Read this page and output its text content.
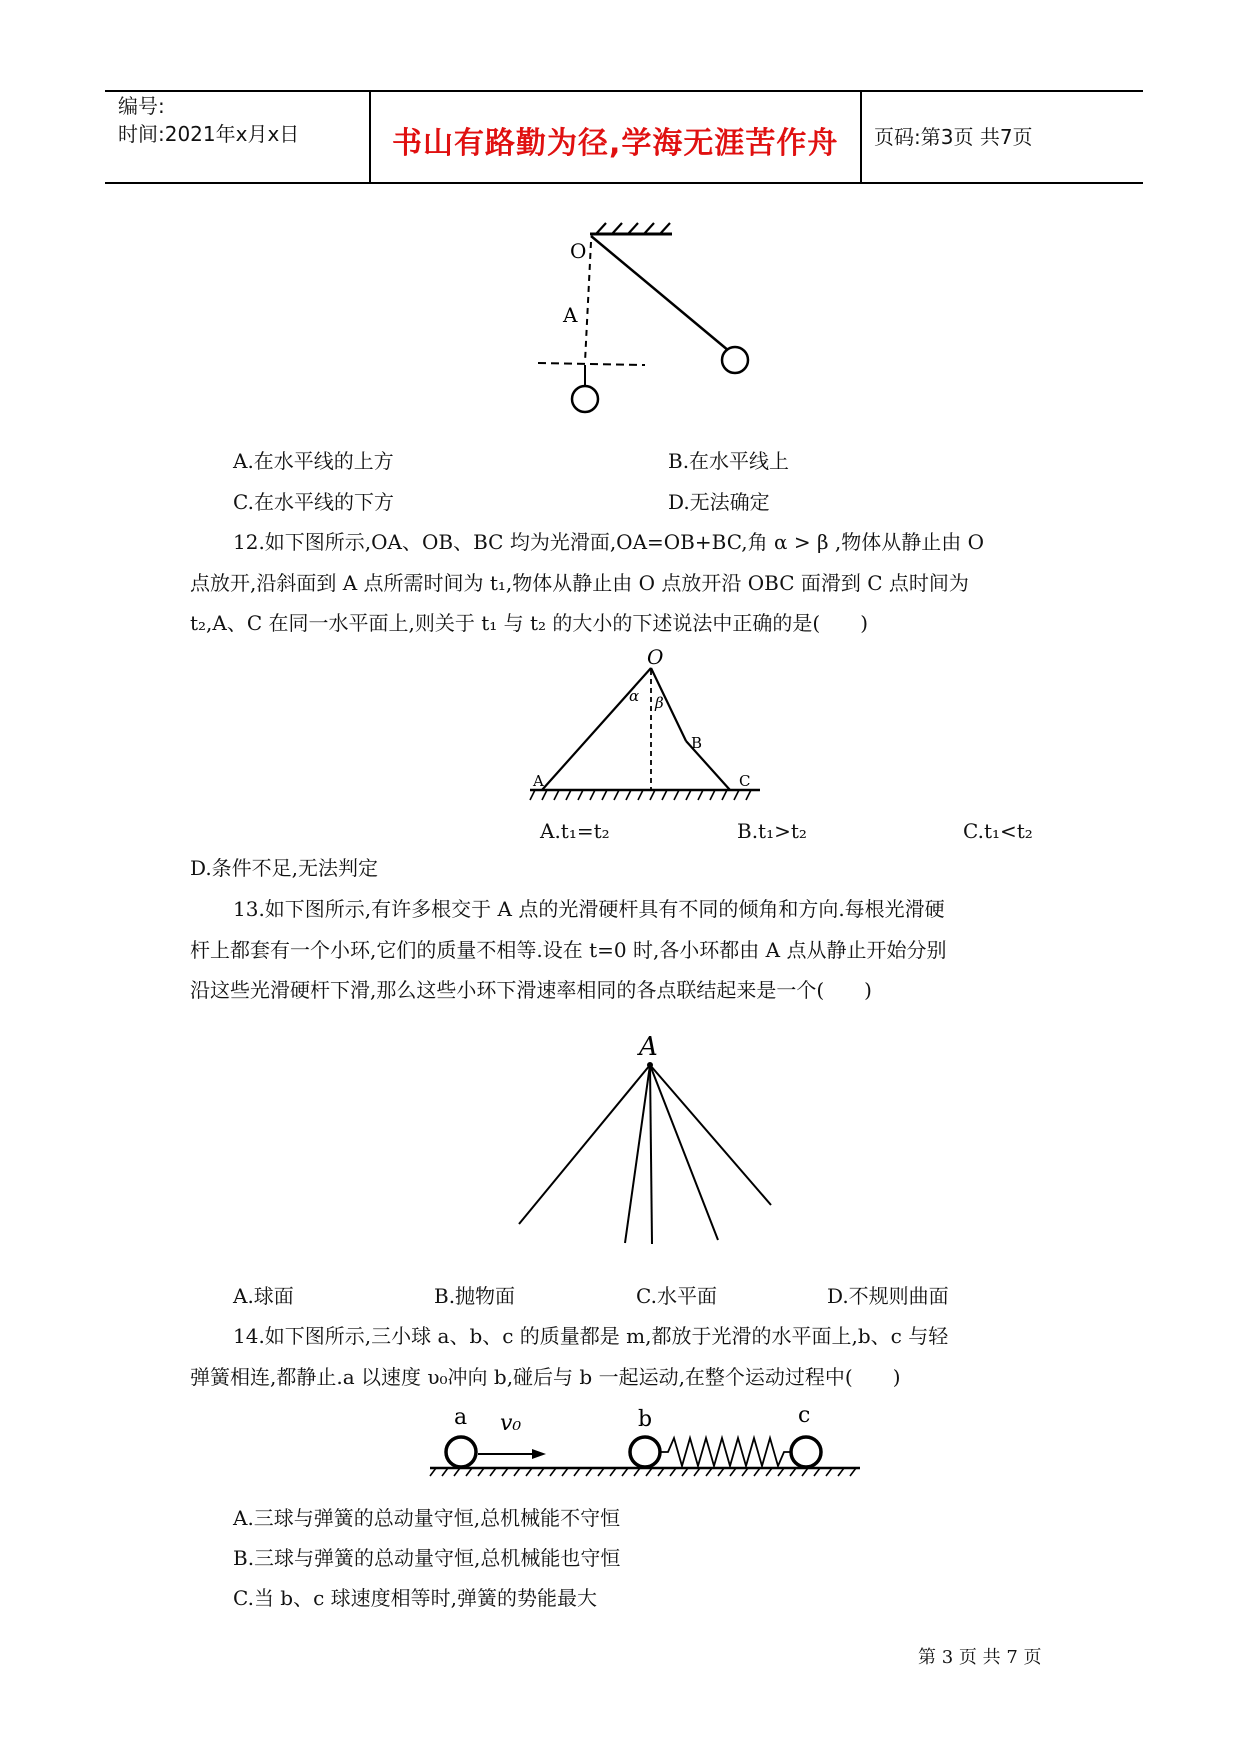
编号:
时间:2021年x月x日	书山有路勤为径,学海无涯苦作舟 页码:第3页 共7页
O
A
A.在水平线的上方	B.在水平线上
C.在水平线的下方	D.无法确定
12.如下图所示,OA、OB、BC 均为光滑面,OA=OB+BC,角 α > β ,物体从静止由 O
点放开,沿斜面到 A 点所需时间为 t₁,物体从静止由 O 点放开沿 OBC 面滑到 C 点时间为
t₂,A、C 在同一水平面上,则关于 t₁ 与 t₂ 的大小的下述说法中正确的是(　　)
O
α β
B
A	C
A.t₁=t₂	B.t₁>t₂	C.t₁<t₂
D.条件不足,无法判定
13.如下图所示,有许多根交于 A 点的光滑硬杆具有不同的倾角和方向.每根光滑硬
杆上都套有一个小环,它们的质量不相等.设在 t=0 时,各小环都由 A 点从静止开始分别
沿这些光滑硬杆下滑,那么这些小环下滑速率相同的各点联结起来是一个(　　)
A
A.球面	B.抛物面	C.水平面	D.不规则曲面
14.如下图所示,三小球 a、b、c 的质量都是 m,都放于光滑的水平面上,b、c 与轻
弹簧相连,都静止.a 以速度 υ₀冲向 b,碰后与 b 一起运动,在整个运动过程中(　　)
a v₀	b	c
A.三球与弹簧的总动量守恒,总机械能不守恒
B.三球与弹簧的总动量守恒,总机械能也守恒
C.当 b、c 球速度相等时,弹簧的势能最大
第 3 页 共 7 页
